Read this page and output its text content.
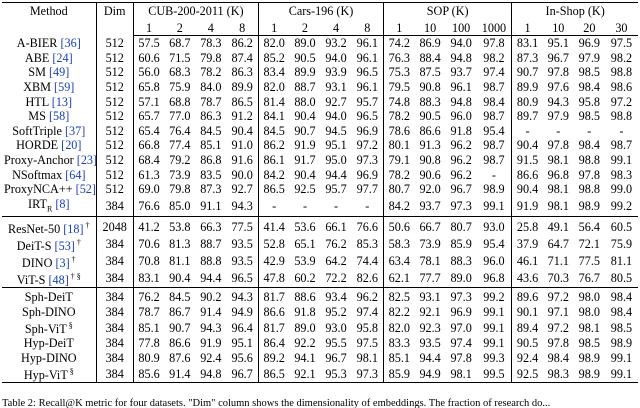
Method	Dim	CUB-200-2011 (K)				Cars-196 (K)				SOP (K)				In-Shop (K)			
		1	2	4	8	1	2	4	8	1	10	100	1000	1	10	20	30
A-BIER [36]	512	57.5	68.7	78.3	86.2	82.0	89.0	93.2	96.1	74.2	86.9	94.0	97.8	83.1	95.1	96.9	97.5
ABE [24]	512	60.6	71.5	79.8	87.4	85.2	90.5	94.0	96.1	76.3	88.4	94.8	98.2	87.3	96.7	97.9	98.2
SM [49]	512	56.0	68.3	78.2	86.3	83.4	89.9	93.9	96.5	75.3	87.5	93.7	97.4	90.7	97.8	98.5	98.8
XBM [59]	512	65.8	75.9	84.0	89.9	82.0	88.7	93.1	96.1	79.5	90.8	96.1	98.7	89.9	97.6	98.4	98.6
HTL [13]	512	57.1	68.8	78.7	86.5	81.4	88.0	92.7	95.7	74.8	88.3	94.8	98.4	80.9	94.3	95.8	97.2
MS [58]	512	65.7	77.0	86.3	91.2	84.1	90.4	94.0	96.5	78.2	90.5	96.0	98.7	89.7	97.9	98.5	98.8
SoftTriple [37]	512	65.4	76.4	84.5	90.4	84.5	90.7	94.5	96.9	78.6	86.6	91.8	95.4	-	-	-	-
HORDE [20]	512	66.8	77.4	85.1	91.0	86.2	91.9	95.1	97.2	80.1	91.3	96.2	98.7	90.4	97.8	98.4	98.7
Proxy-Anchor [23]	512	68.4	79.2	86.8	91.6	86.1	91.7	95.0	97.3	79.1	90.8	96.2	98.7	91.5	98.1	98.8	99.1
NSoftmax [64]	512	61.3	73.9	83.5	90.0	84.2	90.4	94.4	96.9	78.2	90.6	96.2	-	86.6	96.8	97.8	98.3
ProxyNCA++ [52]	512	69.0	79.8	87.3	92.7	86.5	92.5	95.7	97.7	80.7	92.0	96.7	98.9	90.4	98.1	98.8	99.0
$IRT_R$ [8]	384	76.6	85.0	91.1	94.3	-	-	-	-	84.2	93.7	97.3	99.1	91.9	98.1	98.9	99.2
ResNet-50 [18] †	2048	41.2	53.8	66.3	77.5	41.4	53.6	66.1	76.6	50.6	66.7	80.7	93.0	25.8	49.1	56.4	60.5
DeiT-S [53] †	384	70.6	81.3	88.7	93.5	52.8	65.1	76.2	85.3	58.3	73.9	85.9	95.4	37.9	64.7	72.1	75.9
DINO [3] †	384	70.8	81.1	88.8	93.5	42.9	53.9	64.2	74.4	63.4	78.1	88.3	96.0	46.1	71.1	77.5	81.1
ViT-S [48] † §	384	83.1	90.4	94.4	96.5	47.8	60.2	72.2	82.6	62.1	77.7	89.0	96.8	43.6	70.3	76.7	80.5
Sph-DeiT	384	76.2	84.5	90.2	94.3	81.7	88.6	93.4	96.2	82.5	93.1	97.3	99.2	89.6	97.2	98.0	98.4
Sph-DINO	384	78.7	86.7	91.4	94.9	86.6	91.8	95.2	97.4	82.2	92.1	96.9	99.1	90.1	97.1	98.0	98.4
Sph-ViT §	384	85.1	90.7	94.3	96.4	81.7	89.0	93.0	95.8	82.0	92.3	97.0	99.1	89.4	97.2	98.1	98.5
Hyp-DeiT	384	77.8	86.6	91.9	95.1	86.4	92.2	95.5	97.5	83.3	93.5	97.4	99.1	90.5	97.8	98.5	98.9
Hyp-DINO	384	80.9	87.6	92.4	95.6	89.2	94.1	96.7	98.1	85.1	94.4	97.8	99.3	92.4	98.4	98.9	99.1
Hyp-ViT §	384	85.6	91.4	94.8	96.7	86.5	92.1	95.3	97.3	85.9	94.9	98.1	99.5	92.5	98.3	98.9	99.1
Table 2: Recall@K metric for four datasets. "Dim" column shows the dimensionality of embeddings. The fraction of research do...
